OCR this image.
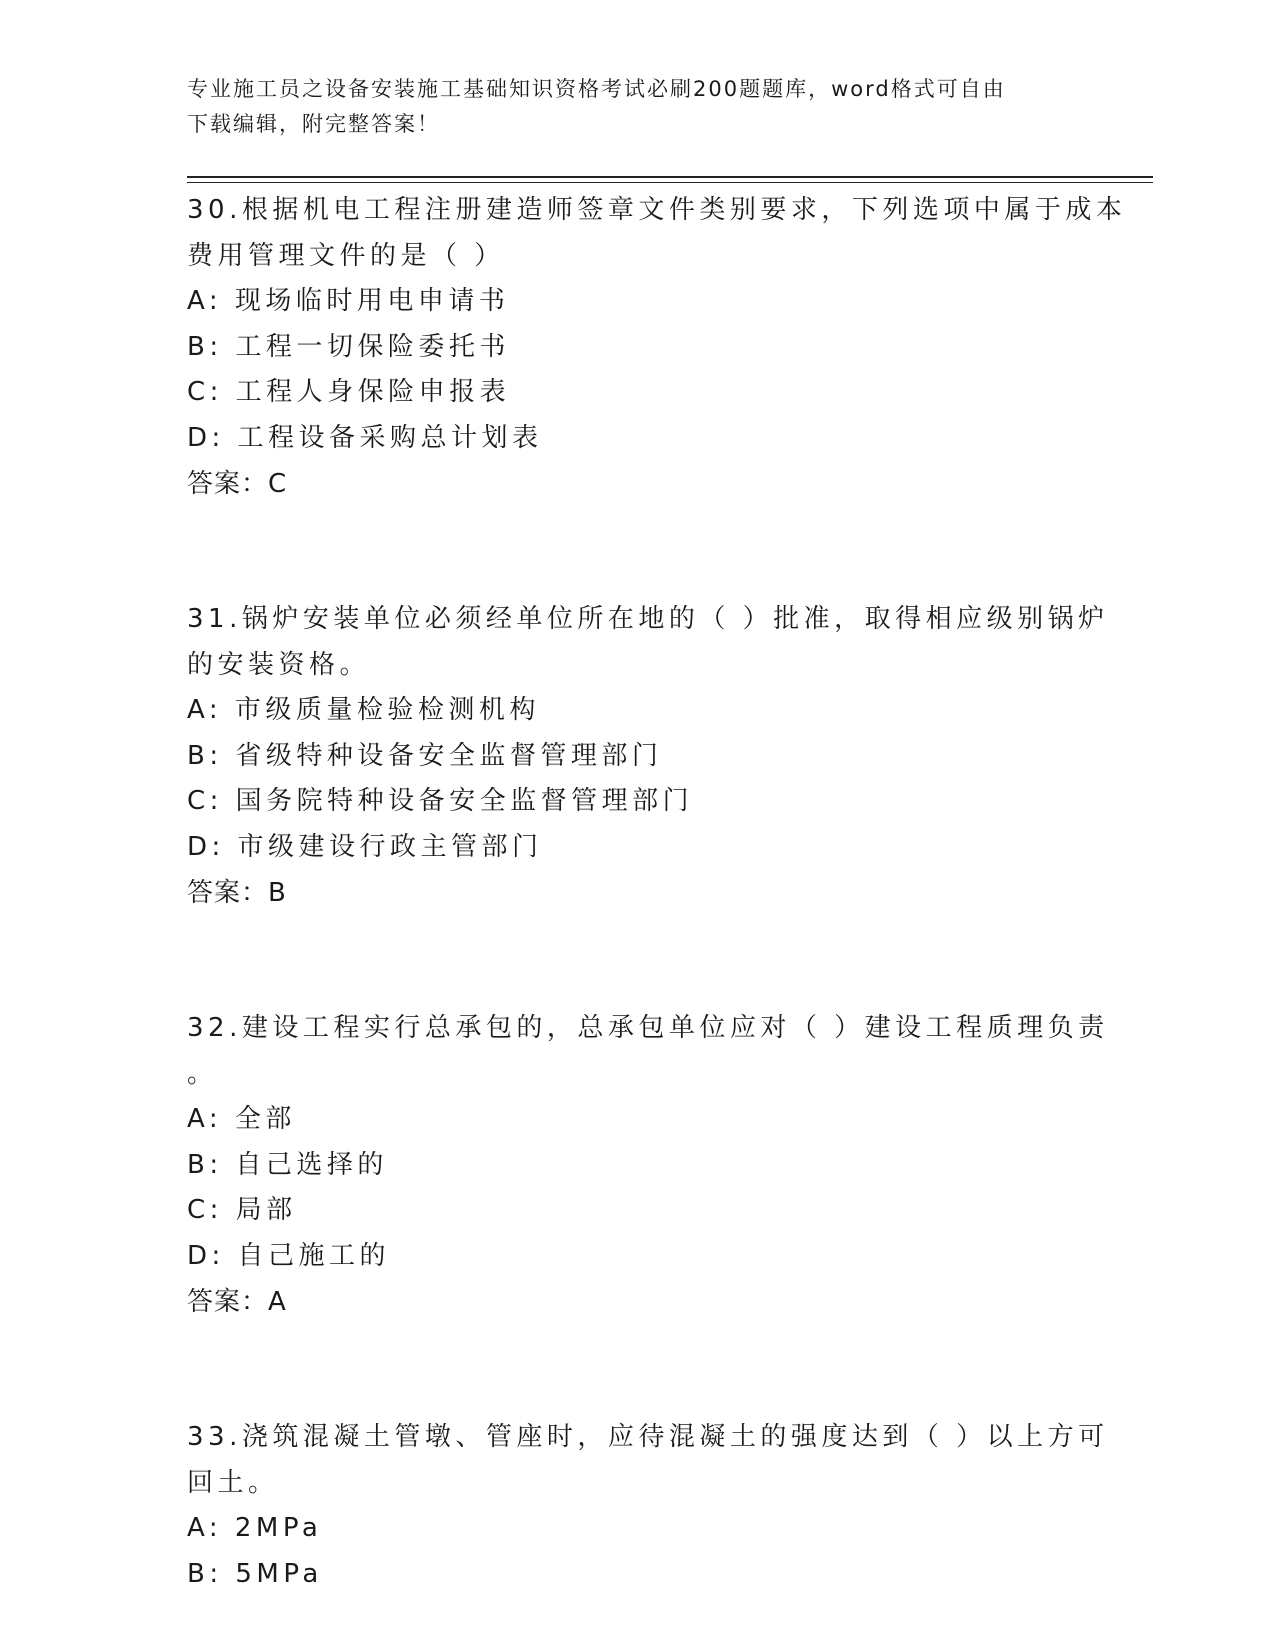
专业施工员之设备安装施工基础知识资格考试必刷200题题库，word格式可自由
下载编辑，附完整答案！
30.根据机电工程注册建造师签章文件类别要求，下列选项中属于成本
费用管理文件的是（ ）
A: 现场临时用电申请书
B: 工程一切保险委托书
C: 工程人身保险申报表
D: 工程设备采购总计划表
答案：C
31.锅炉安装单位必须经单位所在地的（ ）批准，取得相应级别锅炉
的安装资格。
A: 市级质量检验检测机构
B: 省级特种设备安全监督管理部门
C: 国务院特种设备安全监督管理部门
D: 市级建设行政主管部门
答案：B
32.建设工程实行总承包的，总承包单位应对（ ）建设工程质理负责
。
A: 全部
B: 自己选择的
C: 局部
D: 自己施工的
答案：A
33.浇筑混凝土管墩、管座时，应待混凝土的强度达到（ ）以上方可
回土。
A: 2MPa
B: 5MPa
